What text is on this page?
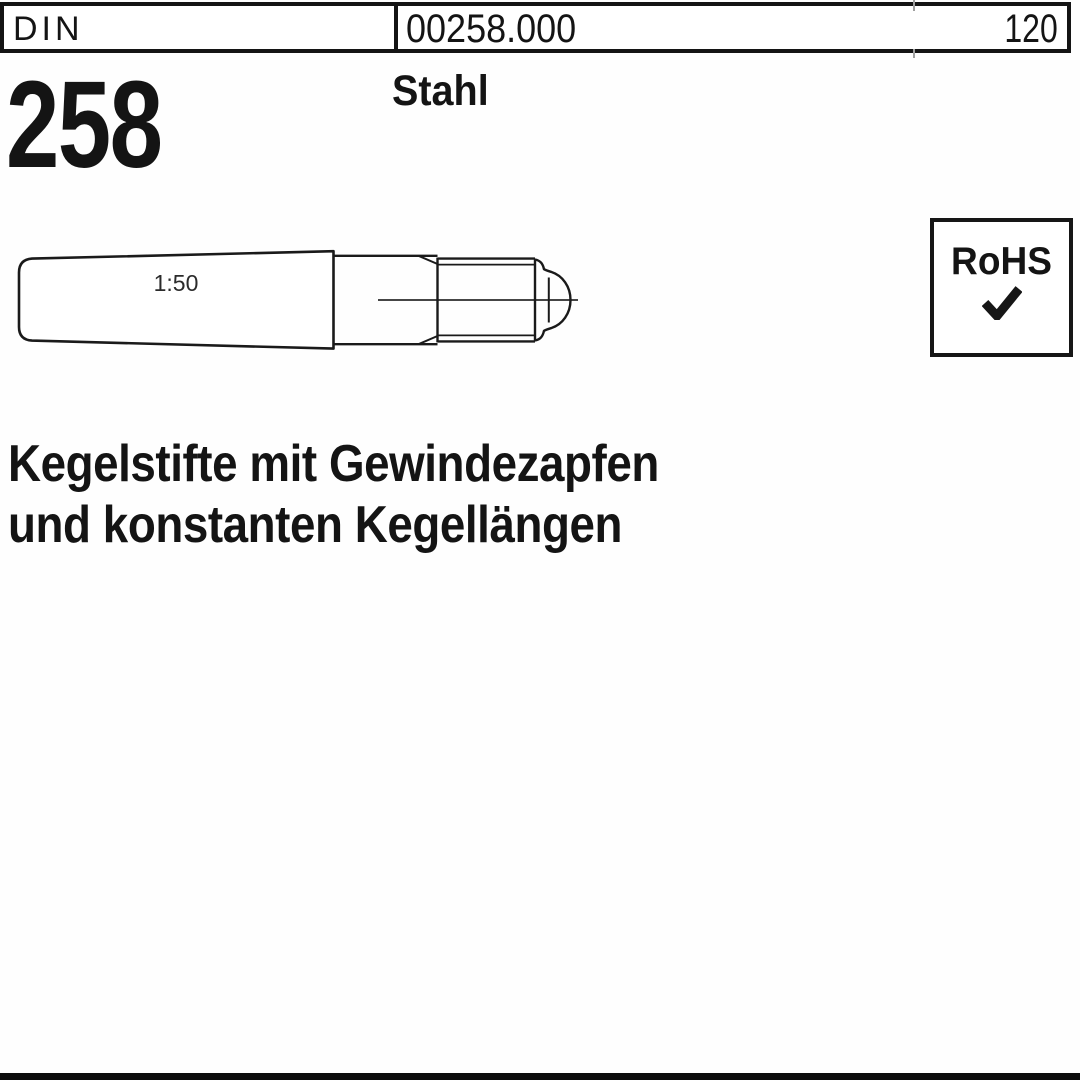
DIN	00258.000	120
258	Stahl
1:50	RoHS
Kegelstifte mit Gewindezapfen
und konstanten Kegellängen
